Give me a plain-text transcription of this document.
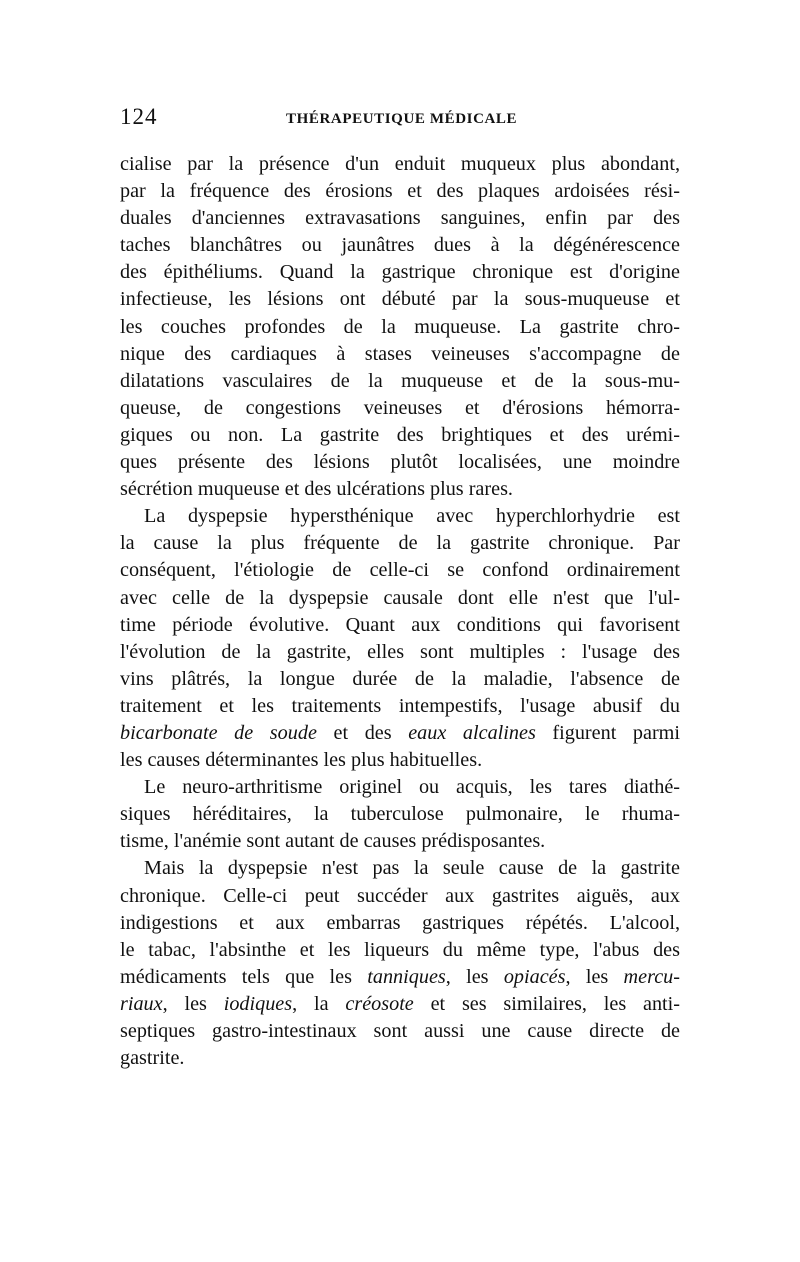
124	THÉRAPEUTIQUE MÉDICALE
cialise par la présence d'un enduit muqueux plus abondant,
par la fréquence des érosions et des plaques ardoisées rési-
duales d'anciennes extravasations sanguines, enfin par des
taches blanchâtres ou jaunâtres dues à la dégénérescence
des épithéliums. Quand la gastrique chronique est d'origine
infectieuse, les lésions ont débuté par la sous-muqueuse et
les couches profondes de la muqueuse. La gastrite chro-
nique des cardiaques à stases veineuses s'accompagne de
dilatations vasculaires de la muqueuse et de la sous-mu-
queuse, de congestions veineuses et d'érosions hémorra-
giques ou non. La gastrite des brightiques et des urémi-
ques présente des lésions plutôt localisées, une moindre
sécrétion muqueuse et des ulcérations plus rares.
La dyspepsie hypersthénique avec hyperchlorhydrie est
la cause la plus fréquente de la gastrite chronique. Par
conséquent, l'étiologie de celle-ci se confond ordinairement
avec celle de la dyspepsie causale dont elle n'est que l'ul-
time période évolutive. Quant aux conditions qui favorisent
l'évolution de la gastrite, elles sont multiples : l'usage des
vins plâtrés, la longue durée de la maladie, l'absence de
traitement et les traitements intempestifs, l'usage abusif du
bicarbonate de soude et des eaux alcalines figurent parmi
les causes déterminantes les plus habituelles.
Le neuro-arthritisme originel ou acquis, les tares diathé-
siques héréditaires, la tuberculose pulmonaire, le rhuma-
tisme, l'anémie sont autant de causes prédisposantes.
Mais la dyspepsie n'est pas la seule cause de la gastrite
chronique. Celle-ci peut succéder aux gastrites aiguës, aux
indigestions et aux embarras gastriques répétés. L'alcool,
le tabac, l'absinthe et les liqueurs du même type, l'abus des
médicaments tels que les tanniques, les opiacés, les mercu-
riaux, les iodiques, la créosote et ses similaires, les anti-
septiques gastro-intestinaux sont aussi une cause directe de
gastrite.
